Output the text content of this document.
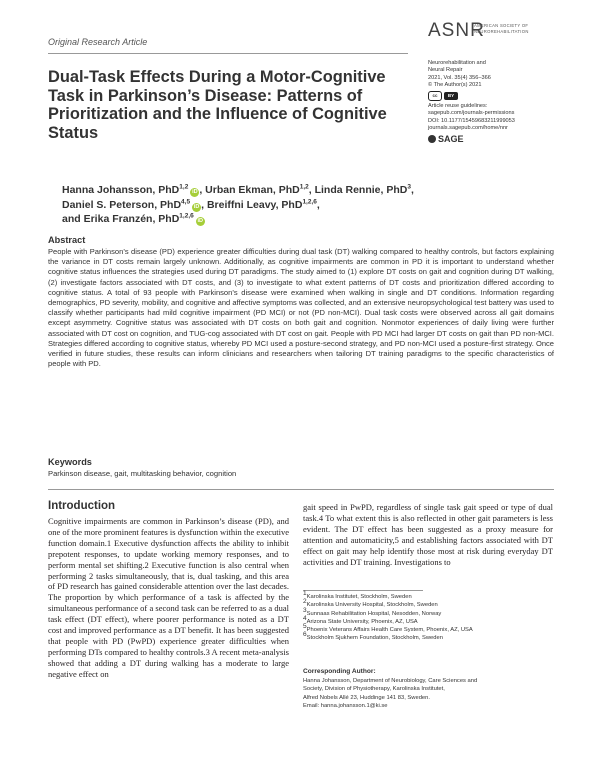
Original Research Article
ASNR
AMERICAN SOCIETY OF
NEUROREHABILITATION
Dual-Task Effects During a Motor-Cognitive Task in Parkinson’s Disease: Patterns of Prioritization and the Influence of Cognitive Status
Neurorehabilitation and
Neural Repair
2021, Vol. 35(4) 356–366
© The Author(s) 2021
cc	BY
Article reuse guidelines:
sagepub.com/journals-permissions
DOI: 10.1177/15459683211999053
journals.sagepub.com/home/nnr
SAGE
Hanna Johansson, PhD$^{1,2}$iD , Urban Ekman, PhD$^{1,2}$, Linda Rennie, PhD$^3$,
Daniel S. Peterson, PhD$^{4,5}$iD , Breiffni Leavy, PhD$^{1,2,6}$,
and Erika Franzén, PhD$^{1,2,6}$iD
Abstract
People with Parkinson’s disease (PD) experience greater difficulties during dual task (DT) walking compared to healthy controls, but factors explaining the variance in DT costs remain largely unknown. Additionally, as cognitive impairments are common in PD it is important to understand whether cognitive status influences the strategies used during DT paradigms. The study aimed to (1) explore DT costs on gait and cognition during DT walking, (2) investigate factors associated with DT costs, and (3) to investigate to what extent patterns of DT costs and prioritization differed according to cognitive status. A total of 93 people with Parkinson’s disease were examined when walking in single and DT conditions. Information regarding demographics, PD severity, mobility, and cognitive and affective symptoms was collected, and an extensive neuropsychological test battery was used to classify whether participants had mild cognitive impairment (PD MCI) or not (PD non-MCI). Dual task costs were observed across all gait domains except asymmetry. Cognitive status was associated with DT costs on both gait and cognition. Nonmotor experiences of daily living were further associated with DT cost on cognition, and TUG-cog associated with DT cost on gait. People with PD MCI had larger DT costs on gait than PD non-MCI. Strategies differed according to cognitive status, whereby PD MCI used a posture-second strategy, and PD non-MCI used a posture-first strategy. Once verified in future studies, these results can inform clinicians and researchers when tailoring DT training paradigms to the specific characteristics of people with PD.
Keywords
Parkinson disease, gait, multitasking behavior, cognition
Introduction
Cognitive impairments are common in Parkinson’s disease (PD), and one of the more prominent features is dysfunction within the executive function domain.1 Executive dysfunction affects the ability to inhibit prepotent responses, to update working memory responses, and to perform mental set shifting.2 Executive function is also central when performing 2 tasks simultaneously, that is, dual tasking, and this area of PD research has gained considerable attention over the last decades. The proportion by which performance of a task is affected by the simultaneous performance of a second task can be referred to as a dual task effect (DT effect), where poorer performance is noted as a DT cost and improved performance as a DT benefit. It has been suggested that people with PD (PwPD) experience greater difficulties when performing DTs compared to healthy controls.3 A recent meta-analysis showed that adding a DT during walking has a moderate to large negative effect on
gait speed in PwPD, regardless of single task gait speed or type of dual task.4 To what extent this is also reflected in other gait parameters is less evident. The DT effect has been suggested as a proxy measure for attention and automaticity,5 and establishing factors associated with DT effect on gait may help identify those most at risk during everyday DT activities and DT training. Investigations to
$^1$Karolinska Institutet, Stockholm, Sweden
$^2$Karolinska University Hospital, Stockholm, Sweden
$^3$Sunnaas Rehabilitation Hospital, Nesodden, Norway
$^4$Arizona State University, Phoenix, AZ, USA
$^5$Phoenix Veterans Affairs Health Care System, Phoenix, AZ, USA
$^6$Stockholm Sjukhem Foundation, Stockholm, Sweden
Corresponding Author:
Hanna Johansson, Department of Neurobiology, Care Sciences and
Society, Division of Physiotherapy, Karolinska Institutet,
Alfred Nobels Allé 23, Huddinge 141 83, Sweden.
Email: hanna.johansson.1@ki.se
